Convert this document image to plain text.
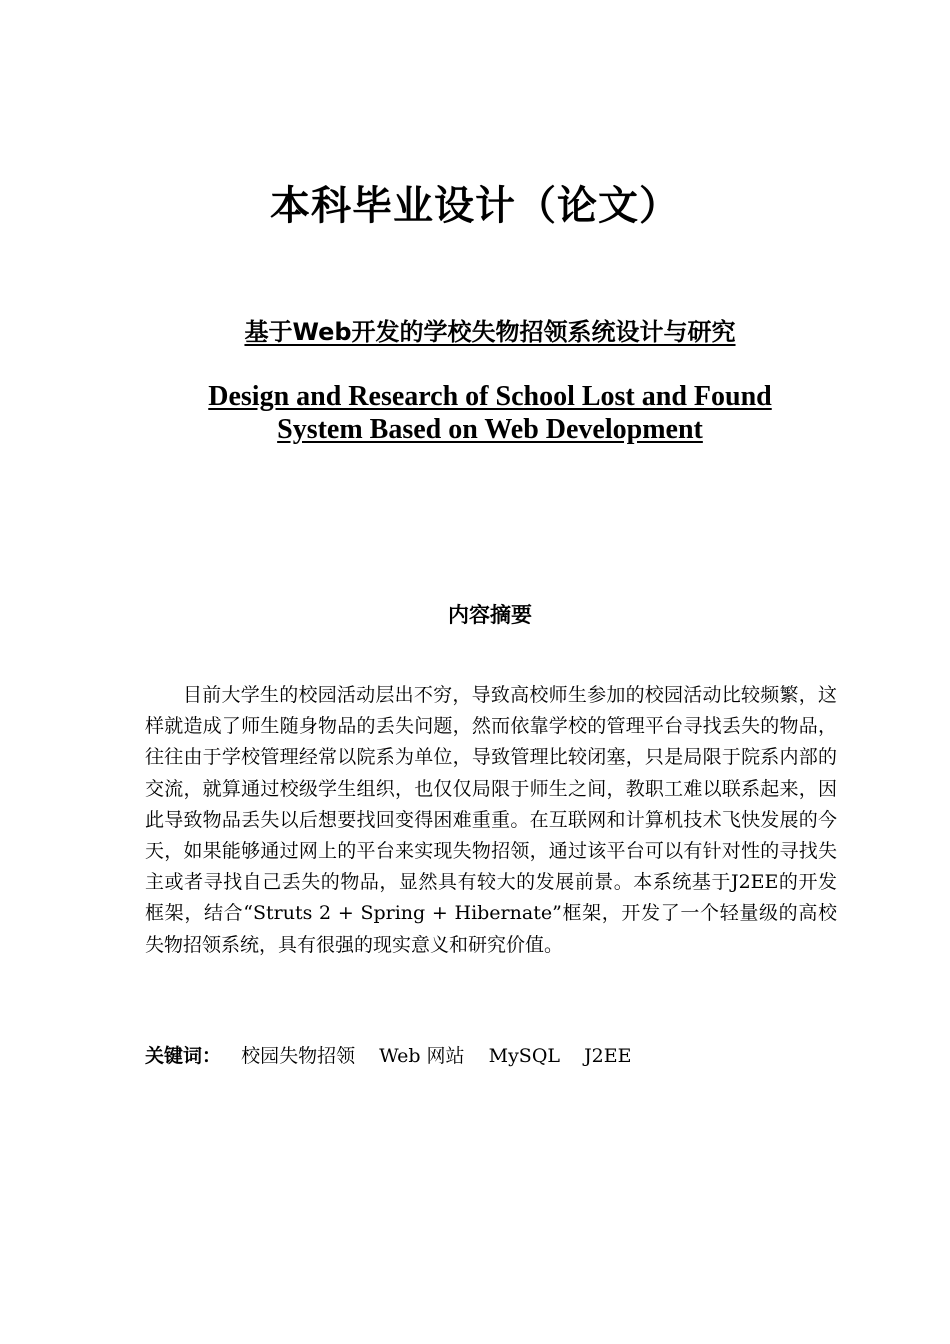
本科毕业设计（论文）
基于Web开发的学校失物招领系统设计与研究
Design and Research of School Lost and Found
System Based on Web Development
内容摘要

目前大学生的校园活动层出不穷，导致高校师生参加的校园活动比较频繁，这样就造成了师生随身物品的丢失问题，然而依靠学校的管理平台寻找丢失的物品，往往由于学校管理经常以院系为单位，导致管理比较闭塞，只是局限于院系内部的交流，就算通过校级学生组织，也仅仅局限于师生之间，教职工难以联系起来，因此导致物品丢失以后想要找回变得困难重重。在互联网和计算机技术飞快发展的今天，如果能够通过网上的平台来实现失物招领，通过该平台可以有针对性的寻找失主或者寻找自己丢失的物品，显然具有较大的发展前景。本系统基于J2EE的开发框架，结合“Struts 2 + Spring + Hibernate”框架，开发了一个轻量级的高校失物招领系统，具有很强的现实意义和研究价值。

关键词： 校园失物招领 Web 网站 MySQL J2EE
